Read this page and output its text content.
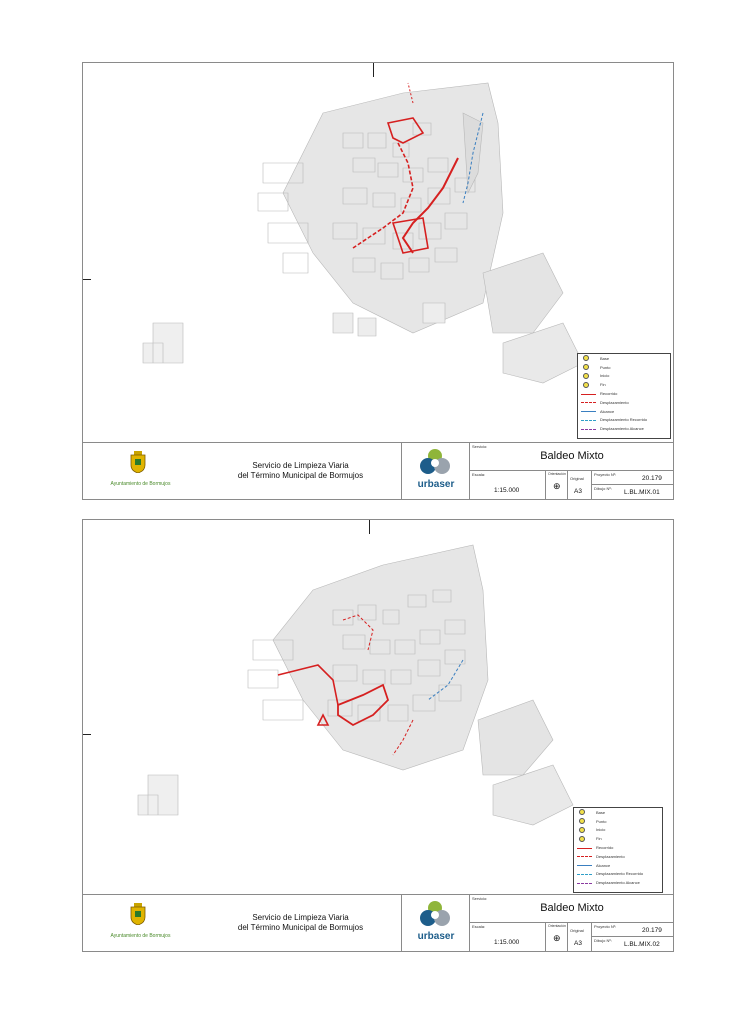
Base
Punto
Inicio
Fin
Recorrido
Desplazamiento
Alcance
Desplazamiento Recorrido
Desplazamiento Alcance
Ayuntamiento de Bormujos
Servicio de Limpieza Viaria
del Término Municipal de Bormujos
urbaser
Servicio:
Baldeo Mixto
Escala:
1:15.000
Orientación
⊕
Original
A3
Proyecto Nº:
20.179
Dibujo Nº:
L.BL.MIX.01
Base
Punto
Inicio
Fin
Recorrido
Desplazamiento
Alcance
Desplazamiento Recorrido
Desplazamiento Alcance
Ayuntamiento de Bormujos
Servicio de Limpieza Viaria
del Término Municipal de Bormujos
urbaser
Servicio:
Baldeo Mixto
Escala:
1:15.000
Orientación
⊕
Original
A3
Proyecto Nº:
20.179
Dibujo Nº:
L.BL.MIX.02
